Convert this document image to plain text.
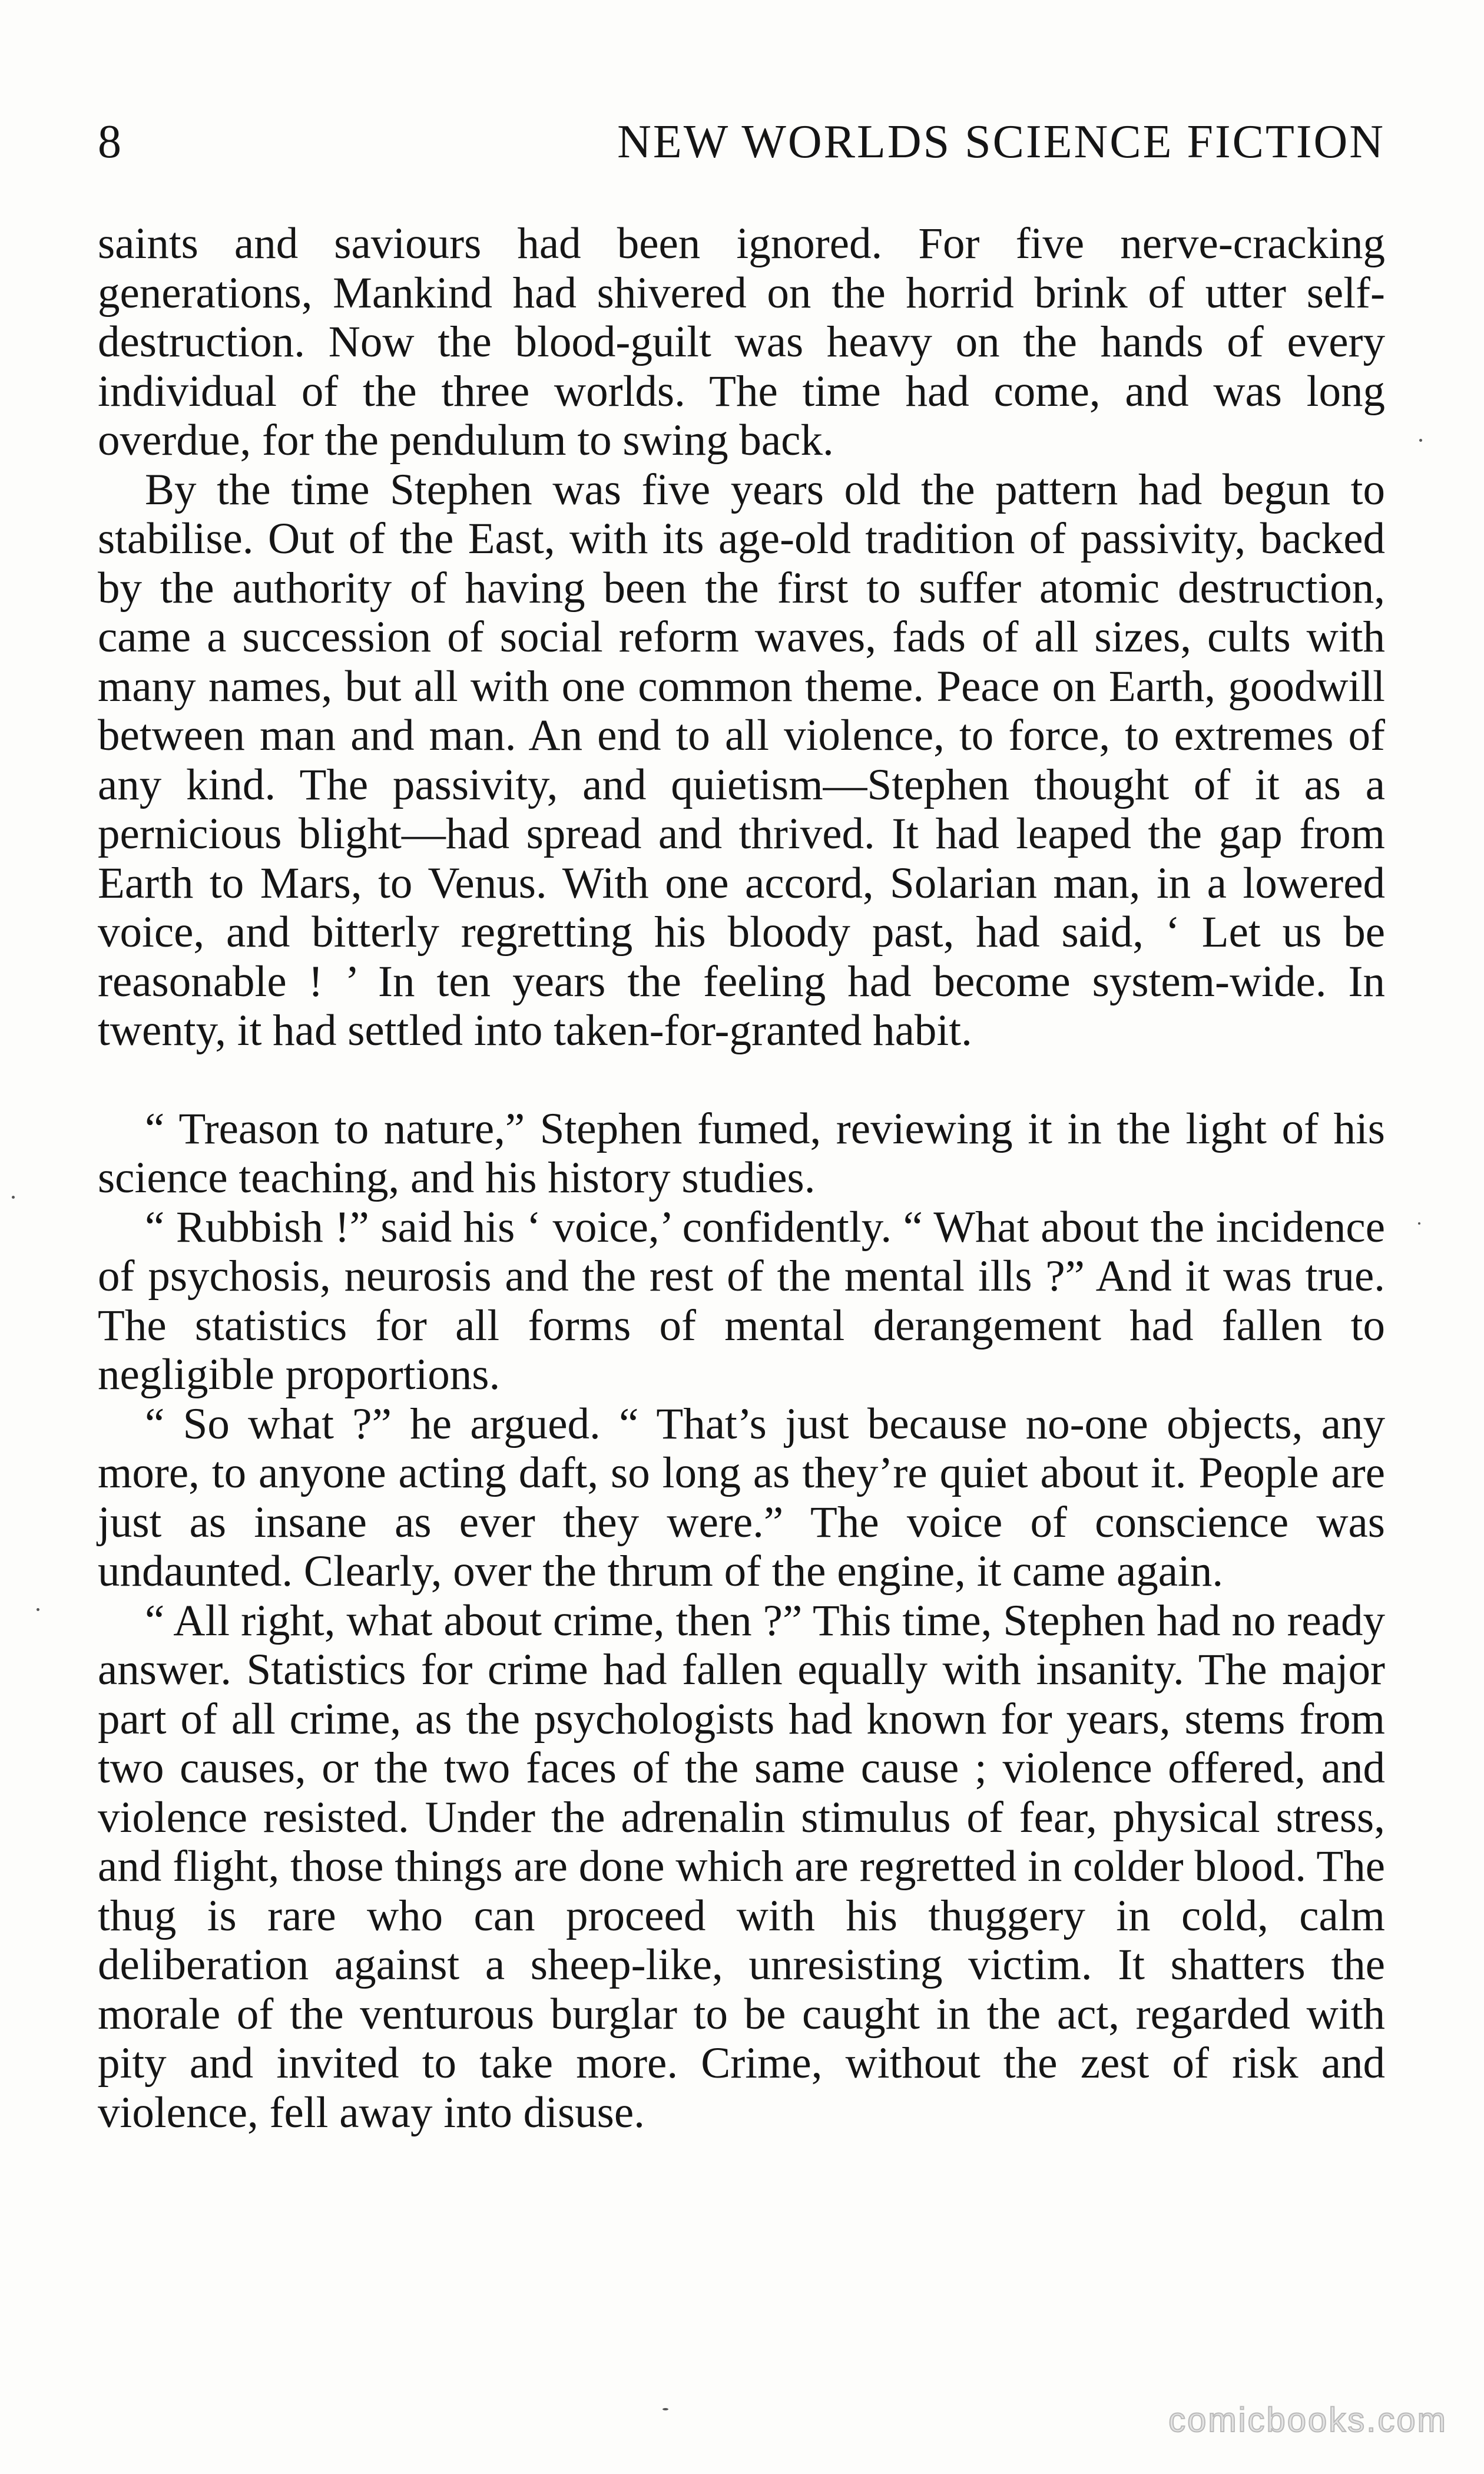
8	NEW WORLDS SCIENCE FICTION

saints and saviours had been ignored. For five nerve-cracking generations, Mankind had shivered on the horrid brink of utter self-destruction. Now the blood-guilt was heavy on the hands of every individual of the three worlds. The time had come, and was long overdue, for the pendulum to swing back.

By the time Stephen was five years old the pattern had begun to stabilise. Out of the East, with its age-old tradition of passivity, backed by the authority of having been the first to suffer atomic destruction, came a succession of social reform waves, fads of all sizes, cults with many names, but all with one common theme. Peace on Earth, goodwill between man and man. An end to all violence, to force, to extremes of any kind. The passivity, and quietism—Stephen thought of it as a pernicious blight—had spread and thrived. It had leaped the gap from Earth to Mars, to Venus. With one accord, Solarian man, in a lowered voice, and bitterly regretting his bloody past, had said, ‘ Let us be reasonable ! ’ In ten years the feeling had become system-wide. In twenty, it had settled into taken-for-granted habit.

“ Treason to nature,” Stephen fumed, reviewing it in the light of his science teaching, and his history studies.

“ Rubbish !” said his ‘ voice,’ confidently. “ What about the incidence of psychosis, neurosis and the rest of the mental ills ?” And it was true. The statistics for all forms of mental derangement had fallen to negligible proportions.

“ So what ?” he argued. “ That’s just because no-one objects, any more, to anyone acting daft, so long as they’re quiet about it. People are just as insane as ever they were.” The voice of conscience was undaunted. Clearly, over the thrum of the engine, it came again.

“ All right, what about crime, then ?” This time, Stephen had no ready answer. Statistics for crime had fallen equally with insanity. The major part of all crime, as the psychologists had known for years, stems from two causes, or the two faces of the same cause ; violence offered, and violence resisted. Under the adrenalin stimulus of fear, physical stress, and flight, those things are done which are regretted in colder blood. The thug is rare who can proceed with his thuggery in cold, calm deliberation against a sheep-like, unresisting victim. It shatters the morale of the venturous burglar to be caught in the act, regarded with pity and invited to take more. Crime, without the zest of risk and violence, fell away into disuse.

comicbooks.com
